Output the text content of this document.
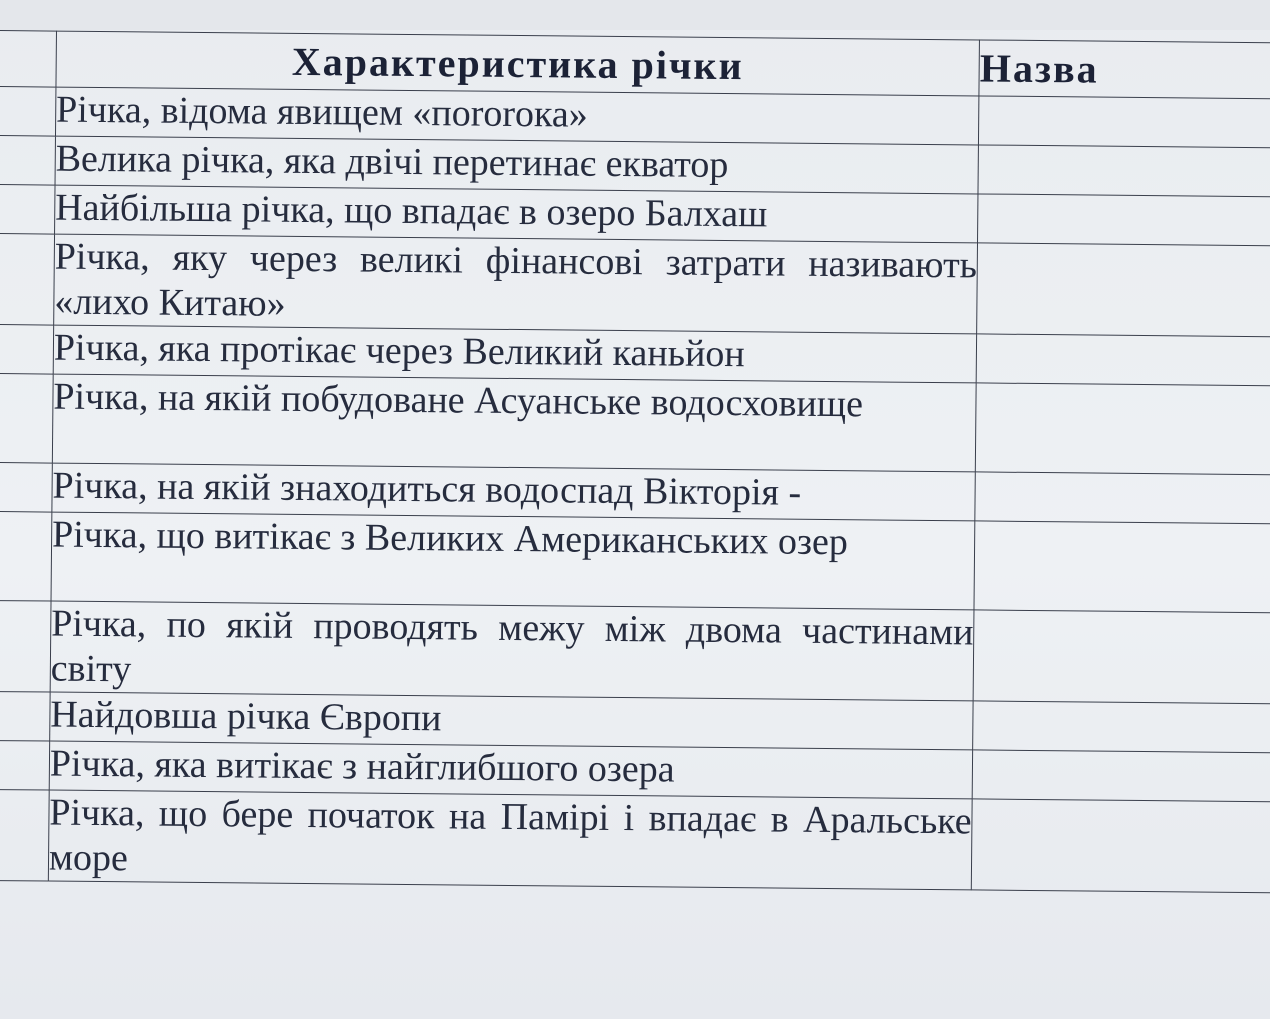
	Характеристика річки	Назва
	Річка, відома явищем «пororoка»	
	Велика річка, яка двічі перетинає екватор	
	Найбільша річка, що впадає в озеро Балхаш	
	Річка, яку через великі фінансові затрати називають «лихо Китаю»	
	Річка, яка протікає через Великий каньйон	
	Річка, на якій побудоване Асуанське водосховище	
	Річка, на якій знаходиться водоспад Вікторія -	
	Річка, що витікає з Великих Американських озер	
	Річка, по якій проводять межу між двома частинами світу	
	Найдовша річка Європи	
	Річка, яка витікає з найглибшого озера	
	Річка, що бере початок на Памірі і впадає в Аральське море	
